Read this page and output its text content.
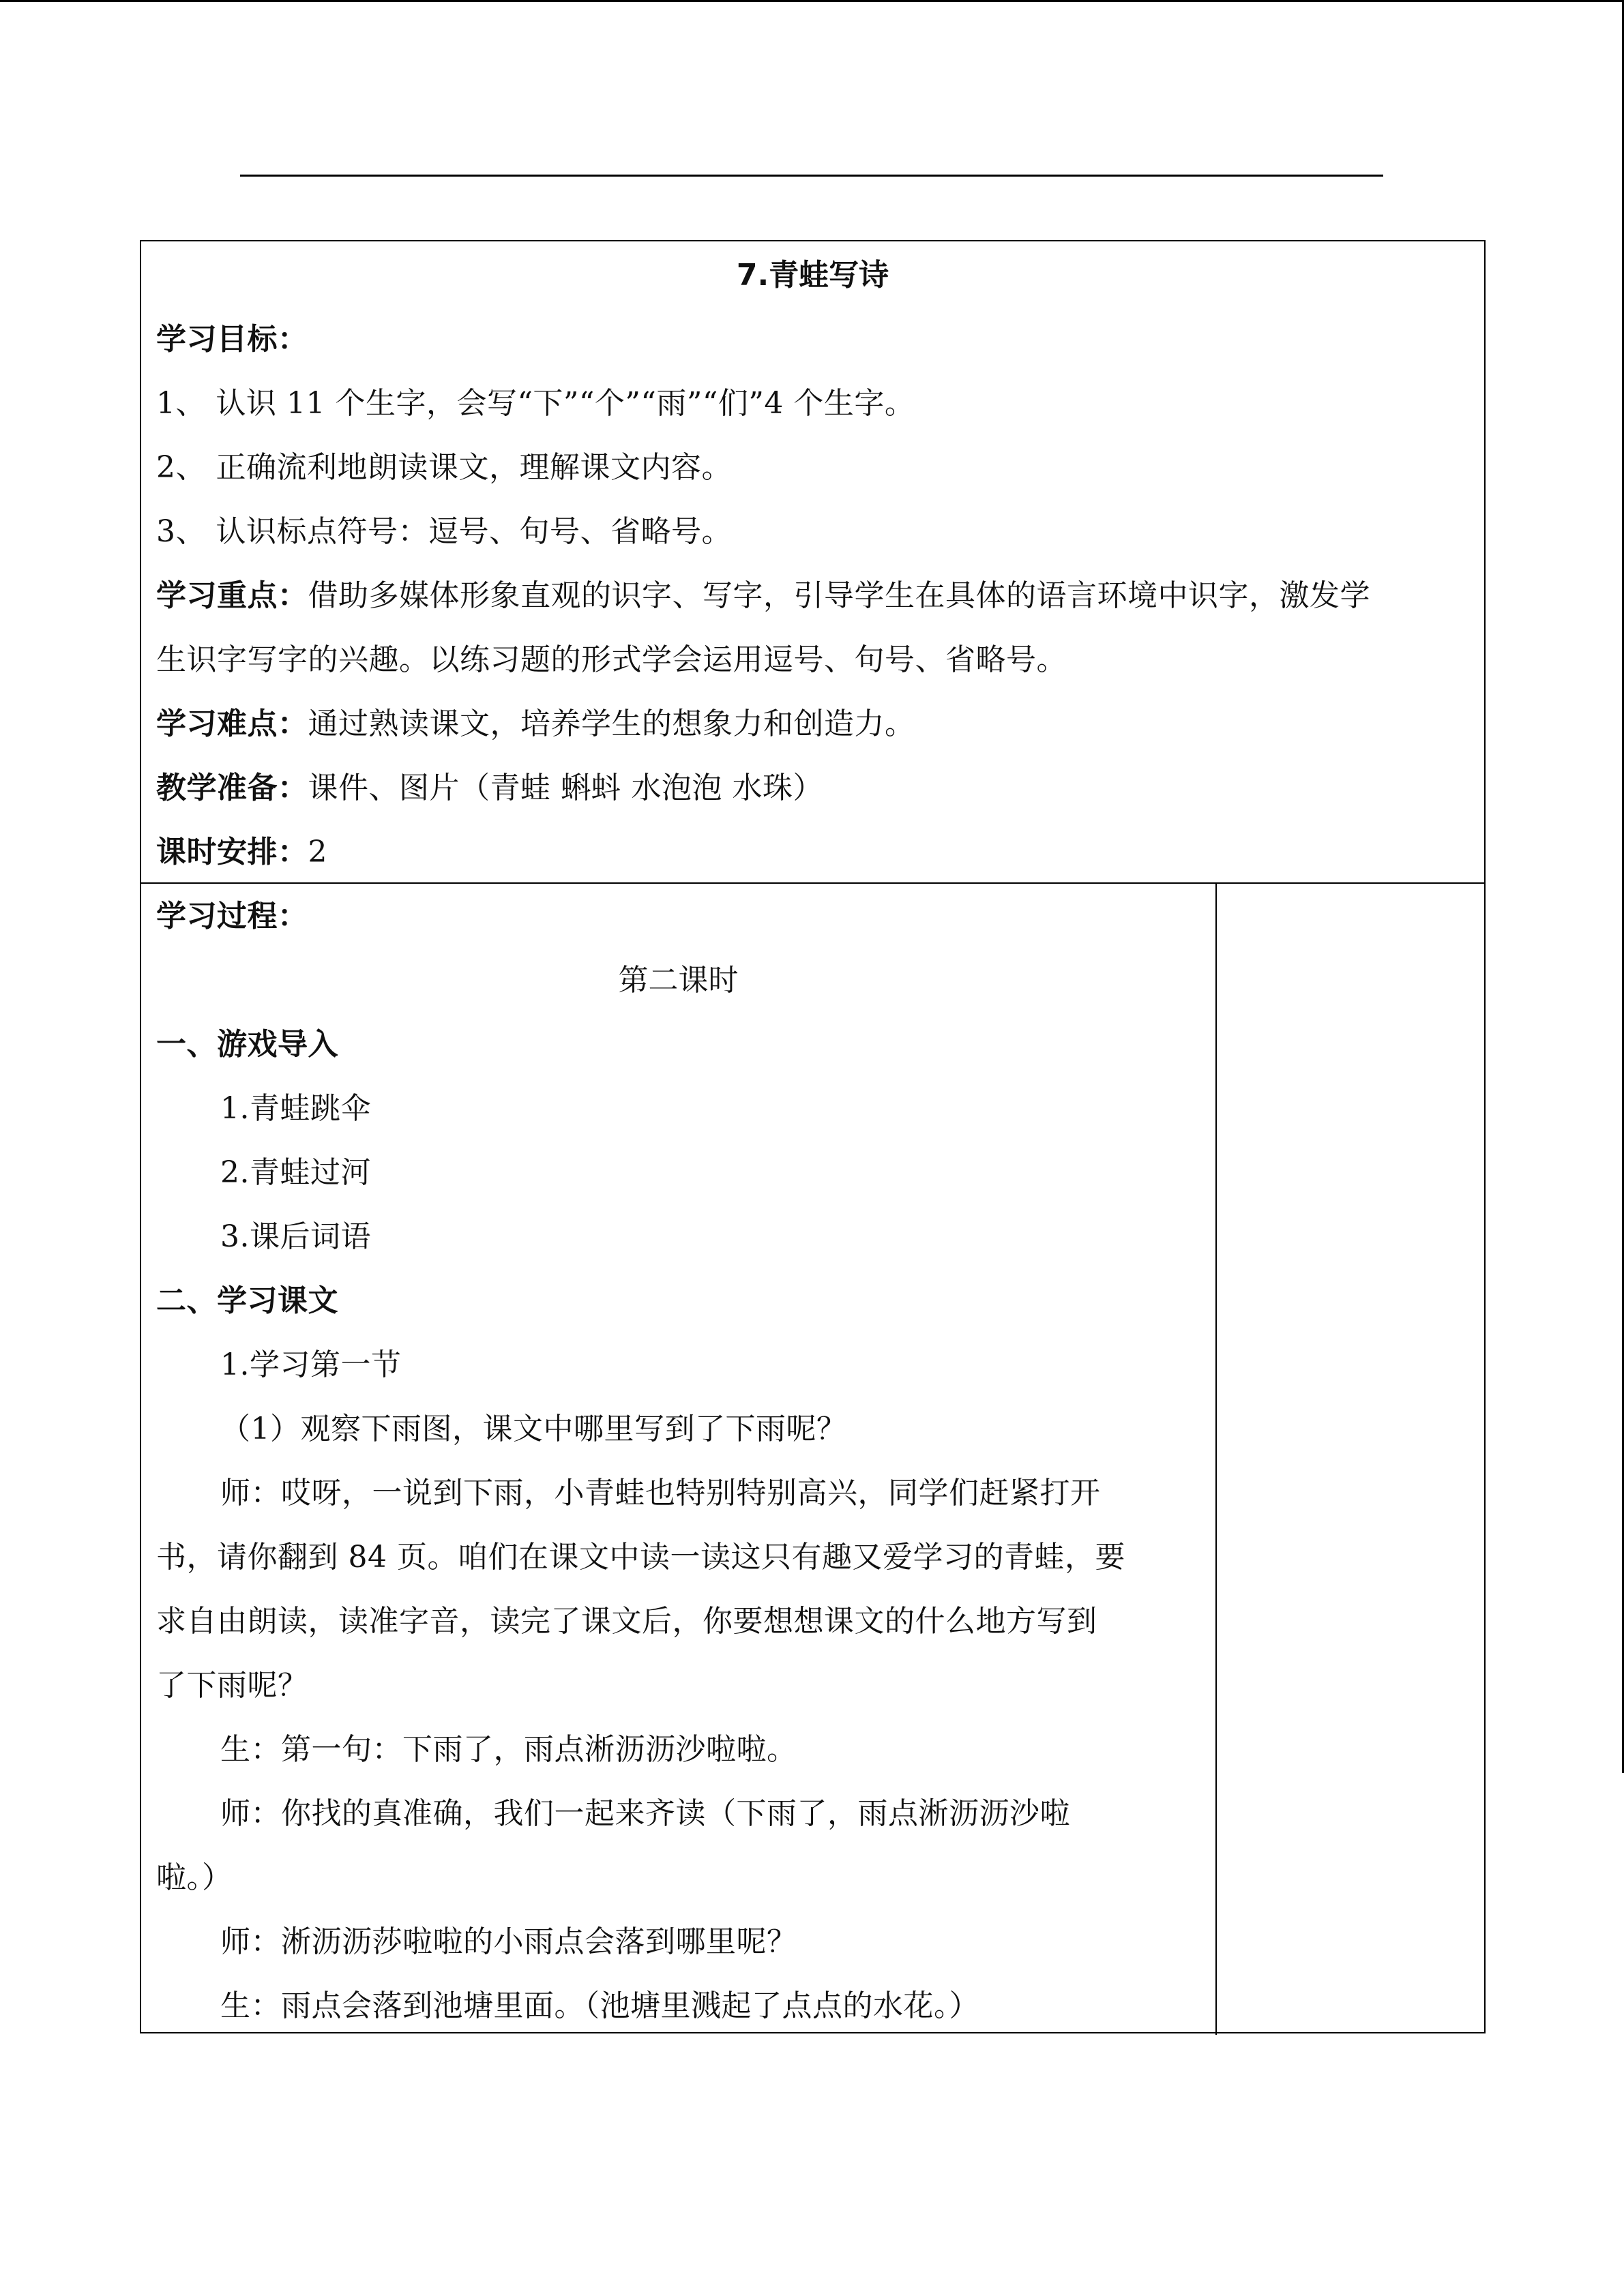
7.青蛙写诗
学习目标：
1、 认识 11 个生字，会写“下”“个”“雨”“们”4 个生字。
2、 正确流利地朗读课文，理解课文内容。
3、 认识标点符号：逗号、句号、省略号。
学习重点：借助多媒体形象直观的识字、写字，引导学生在具体的语言环境中识字，激发学
生识字写字的兴趣。以练习题的形式学会运用逗号、句号、省略号。
学习难点：通过熟读课文，培养学生的想象力和创造力。
教学准备：课件、图片（青蛙 蝌蚪 水泡泡 水珠）
课时安排：2
学习过程：
第二课时
一、游戏导入
1.青蛙跳伞
2.青蛙过河
3.课后词语
二、学习课文
1.学习第一节
（1）观察下雨图，课文中哪里写到了下雨呢？
师：哎呀，一说到下雨，小青蛙也特别特别高兴，同学们赶紧打开
书，请你翻到 84 页。咱们在课文中读一读这只有趣又爱学习的青蛙，要
求自由朗读，读准字音，读完了课文后，你要想想课文的什么地方写到
了下雨呢？
生：第一句：下雨了，雨点淅沥沥沙啦啦。
师：你找的真准确，我们一起来齐读（下雨了，雨点淅沥沥沙啦
啦。）
师：淅沥沥莎啦啦的小雨点会落到哪里呢？
生：雨点会落到池塘里面。（池塘里溅起了点点的水花。）
